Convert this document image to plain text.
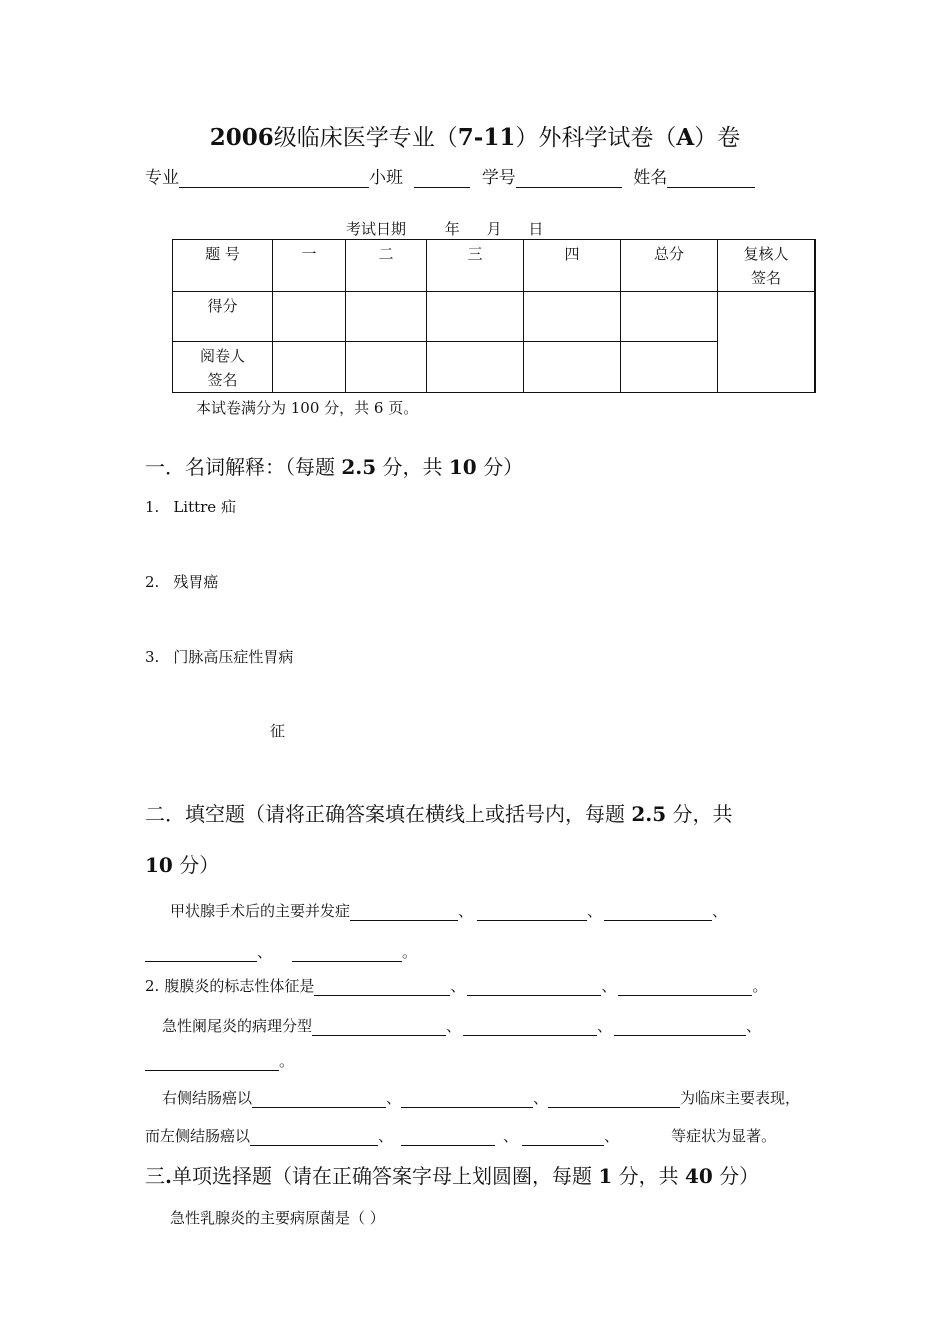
2006级临床医学专业（7-11）外科学试卷（A）卷
专业	小班	学号	姓名
考试日期	年 月 日
题 号	一	二	三	四	总分	复核人
签名

得分						

阅卷人
签名						

本试卷满分为 100 分，共 6 页。
一．名词解释：（每题 2.5 分，共 10 分）
1. Littre 疝
2. 残胃癌
3. 门脉高压症性胃病
征
二．填空题（请将正确答案填在横线上或括号内，每题 2.5 分，共
10 分）
甲状腺手术后的主要并发症	、	、	、
、	。
2. 腹膜炎的标志性体征是	、	、	。
急性阑尾炎的病理分型	、	、	、
。
右侧结肠癌以	、	、	为临床主要表现，
而左侧结肠癌以	、	、	、	等症状为显著。
三.单项选择题（请在正确答案字母上划圆圈，每题 1 分，共 40 分）
急性乳腺炎的主要病原菌是（ ）
